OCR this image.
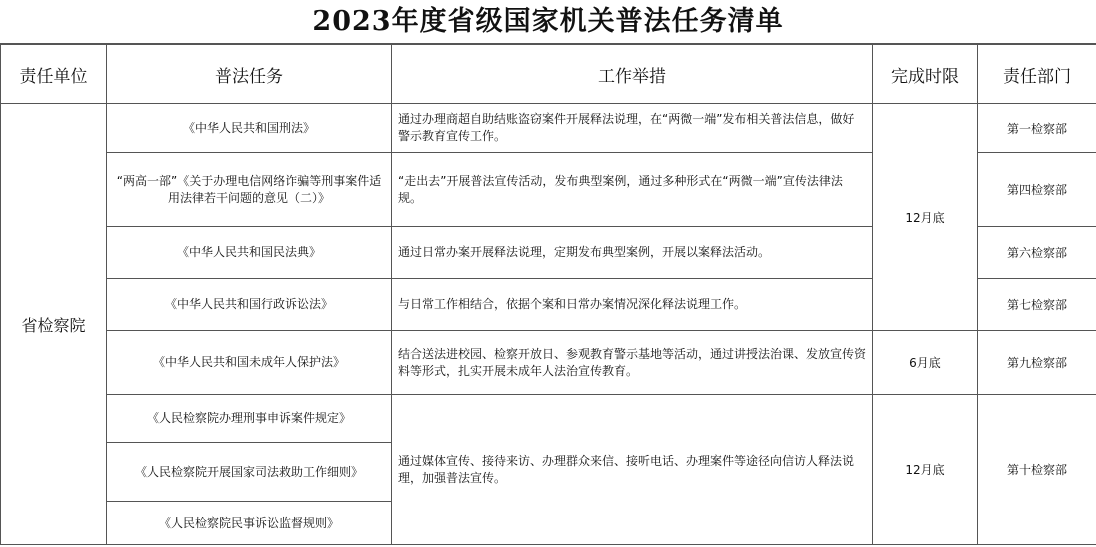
2023年度省级国家机关普法任务清单
责任单位	普法任务	工作举措	完成时限	责任部门
省检察院	《中华人民共和国刑法》	通过办理商超自助结账盗窃案件开展释法说理，在“两微一端”发布相关普法信息，做好警示教育宣传工作。	12月底	第一检察部
	“两高一部”《关于办理电信网络诈骗等刑事案件适用法律若干问题的意见（二）》	“走出去”开展普法宣传活动，发布典型案例，通过多种形式在“两微一端”宣传法律法规。		第四检察部
	《中华人民共和国民法典》	通过日常办案开展释法说理，定期发布典型案例，开展以案释法活动。		第六检察部
	《中华人民共和国行政诉讼法》	与日常工作相结合，依据个案和日常办案情况深化释法说理工作。		第七检察部
	《中华人民共和国未成年人保护法》	结合送法进校园、检察开放日、参观教育警示基地等活动，通过讲授法治课、发放宣传资料等形式，扎实开展未成年人法治宣传教育。	6月底	第九检察部
	《人民检察院办理刑事申诉案件规定》	通过媒体宣传、接待来访、办理群众来信、接听电话、办理案件等途径向信访人释法说理，加强普法宣传。	12月底	第十检察部
	《人民检察院开展国家司法救助工作细则》			
	《人民检察院民事诉讼监督规则》			
